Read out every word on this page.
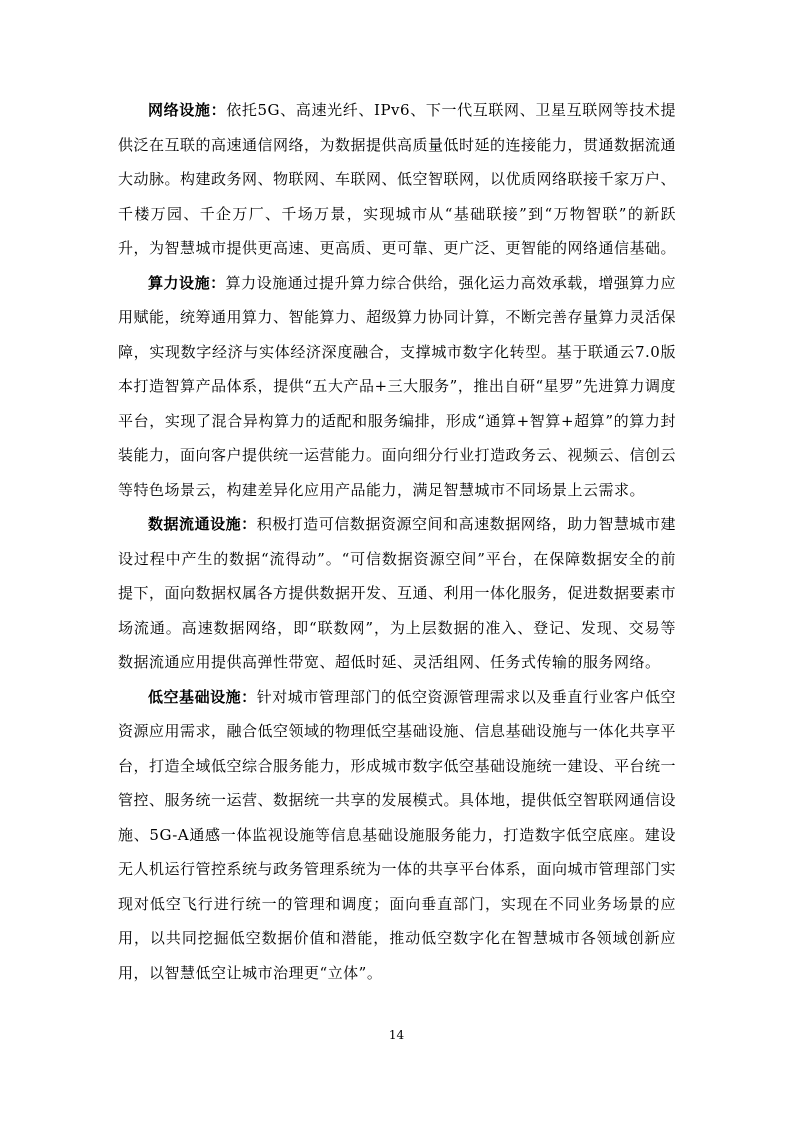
网络设施：依托5G、高速光纤、IPv6、下一代互联网、卫星互联网等技术提供泛在互联的高速通信网络，为数据提供高质量低时延的连接能力，贯通数据流通大动脉。构建政务网、物联网、车联网、低空智联网，以优质网络联接千家万户、千楼万园、千企万厂、千场万景，实现城市从“基础联接”到“万物智联”的新跃升，为智慧城市提供更高速、更高质、更可靠、更广泛、更智能的网络通信基础。

算力设施：算力设施通过提升算力综合供给，强化运力高效承载，增强算力应用赋能，统筹通用算力、智能算力、超级算力协同计算，不断完善存量算力灵活保障，实现数字经济与实体经济深度融合，支撑城市数字化转型。基于联通云7.0版本打造智算产品体系，提供“五大产品+三大服务”，推出自研“星罗”先进算力调度平台，实现了混合异构算力的适配和服务编排，形成“通算+智算+超算”的算力封装能力，面向客户提供统一运营能力。面向细分行业打造政务云、视频云、信创云等特色场景云，构建差异化应用产品能力，满足智慧城市不同场景上云需求。

数据流通设施：积极打造可信数据资源空间和高速数据网络，助力智慧城市建设过程中产生的数据“流得动”。“可信数据资源空间”平台，在保障数据安全的前提下，面向数据权属各方提供数据开发、互通、利用一体化服务，促进数据要素市场流通。高速数据网络，即“联数网”，为上层数据的准入、登记、发现、交易等数据流通应用提供高弹性带宽、超低时延、灵活组网、任务式传输的服务网络。

低空基础设施：针对城市管理部门的低空资源管理需求以及垂直行业客户低空资源应用需求，融合低空领域的物理低空基础设施、信息基础设施与一体化共享平台，打造全域低空综合服务能力，形成城市数字低空基础设施统一建设、平台统一管控、服务统一运营、数据统一共享的发展模式。具体地，提供低空智联网通信设施、5G-A通感一体监视设施等信息基础设施服务能力，打造数字低空底座。建设无人机运行管控系统与政务管理系统为一体的共享平台体系，面向城市管理部门实现对低空飞行进行统一的管理和调度；面向垂直部门，实现在不同业务场景的应用，以共同挖掘低空数据价值和潜能，推动低空数字化在智慧城市各领域创新应用，以智慧低空让城市治理更“立体”。

14
